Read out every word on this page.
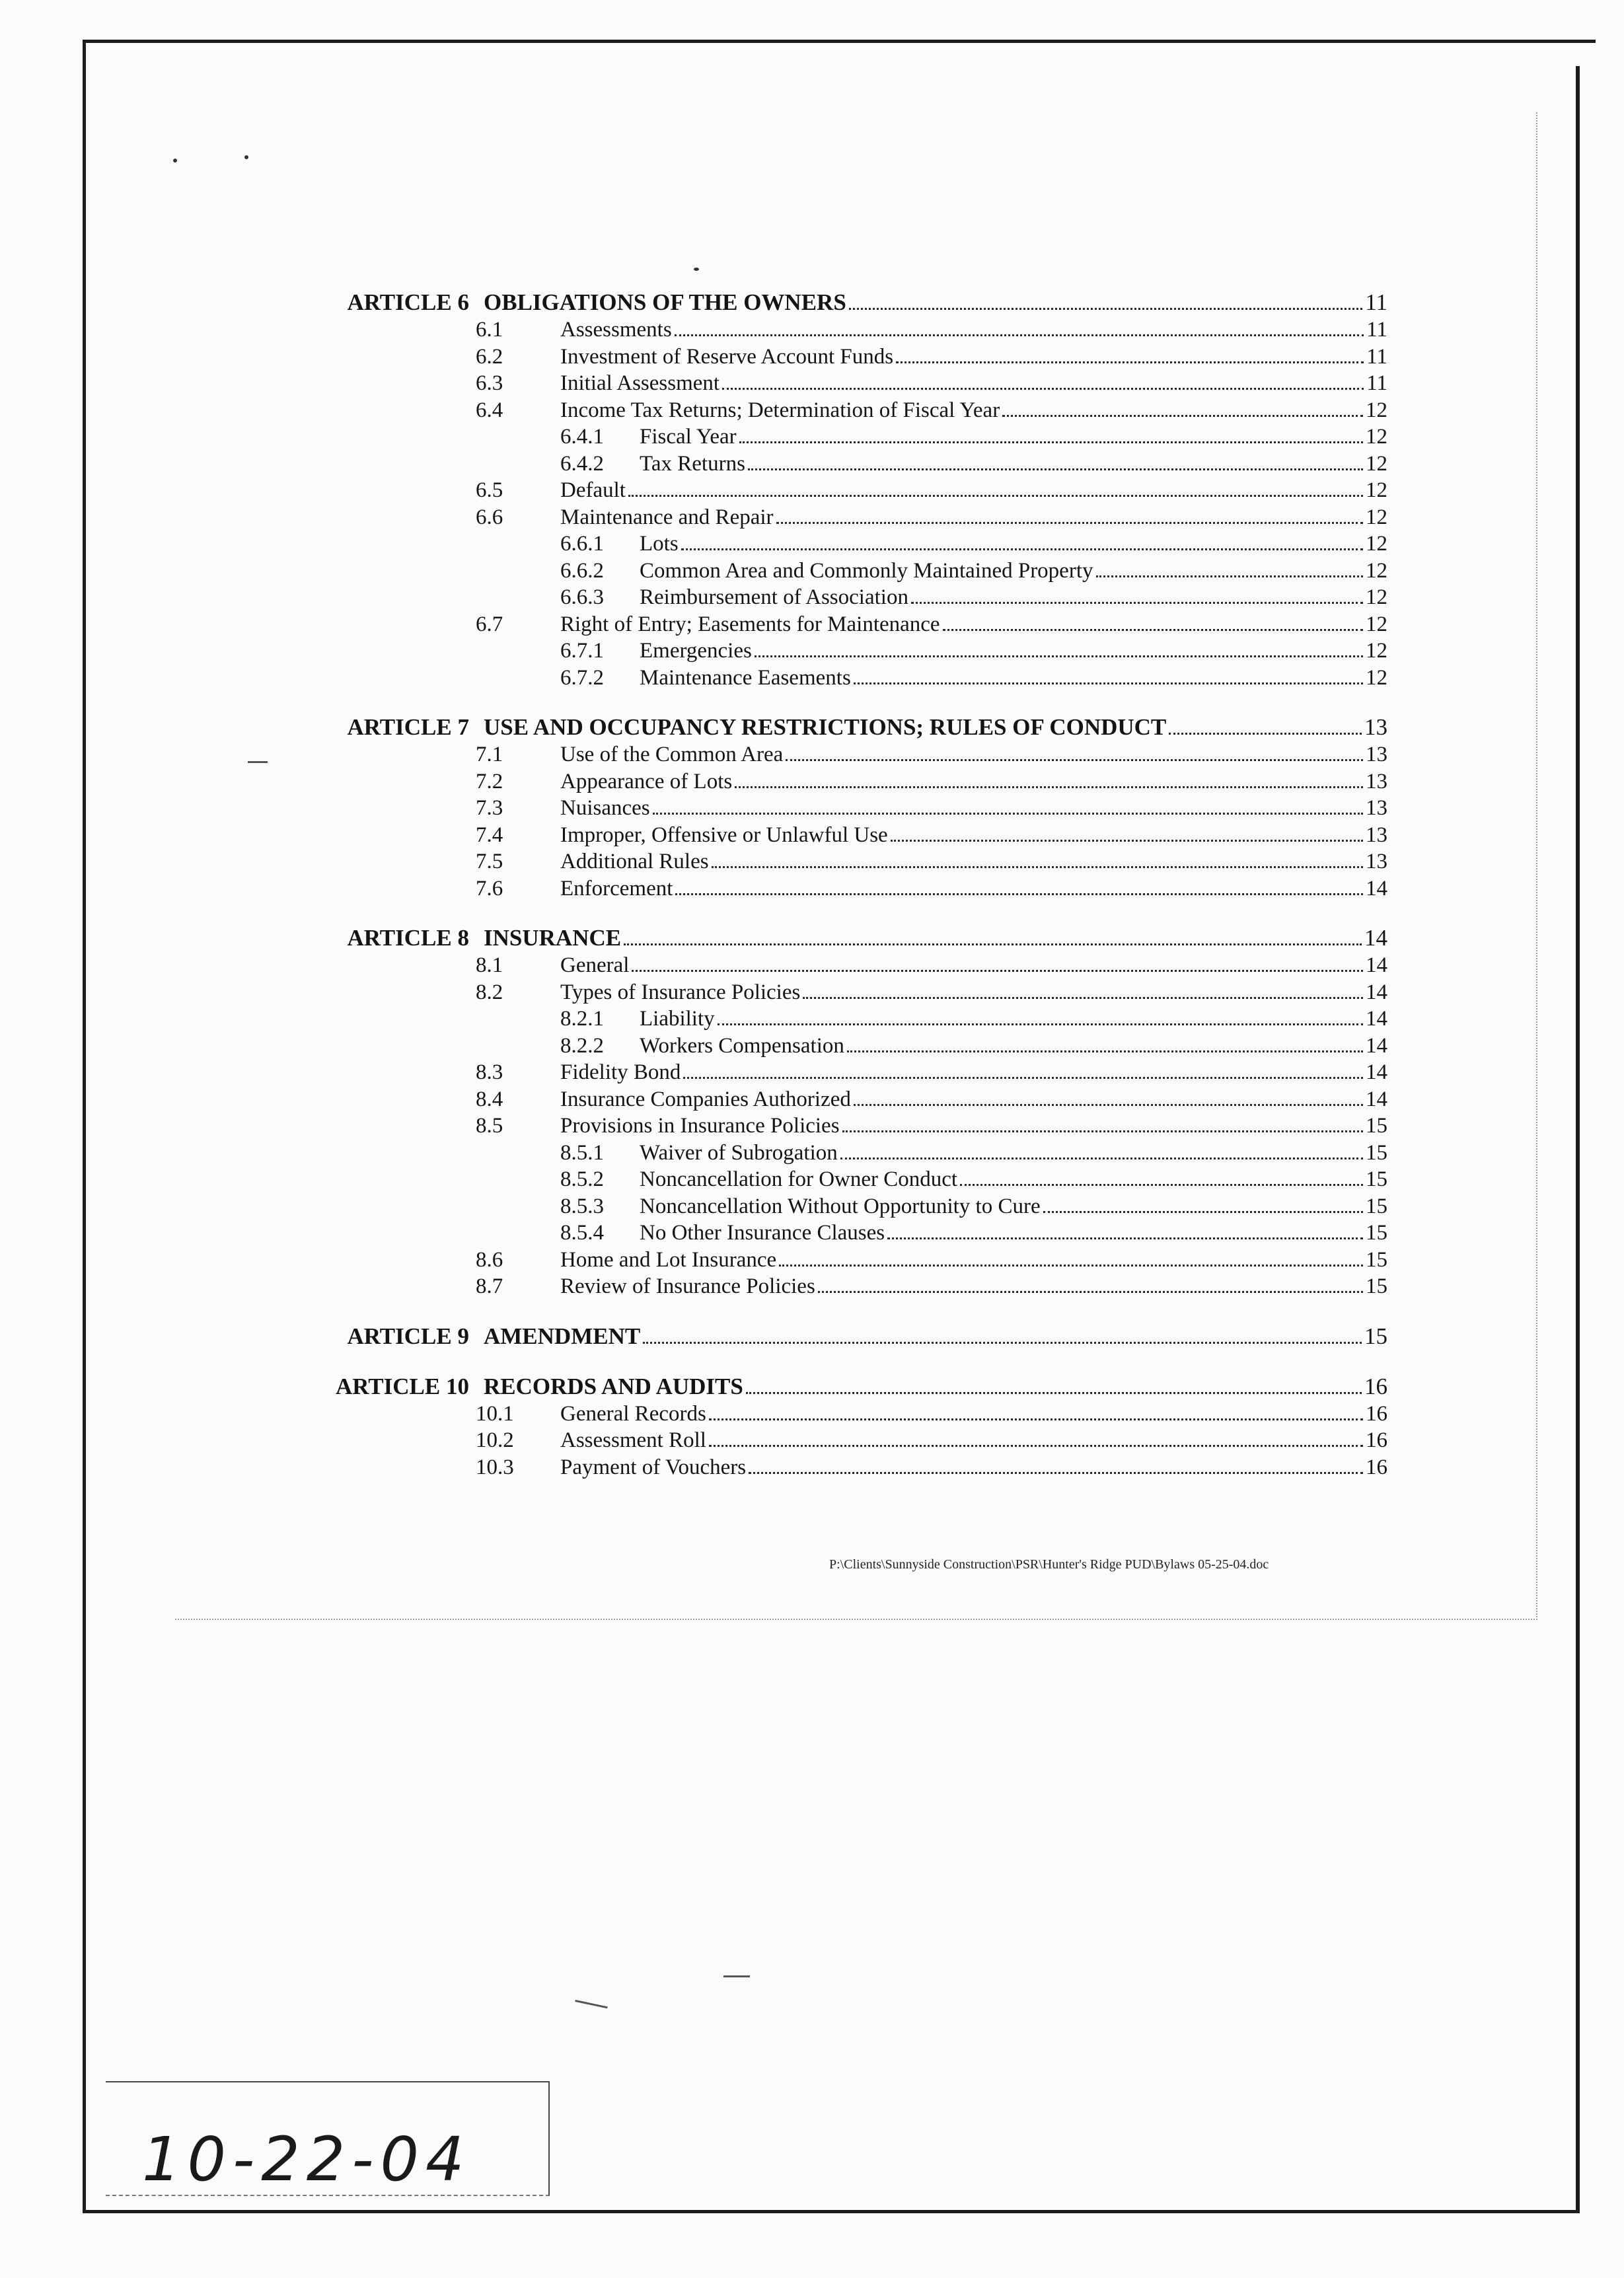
ARTICLE 6 OBLIGATIONS OF THE OWNERS	11
6.1	Assessments	11
6.2	Investment of Reserve Account Funds	11
6.3	Initial Assessment	11
6.4	Income Tax Returns; Determination of Fiscal Year	12
6.4.1	Fiscal Year	12
6.4.2	Tax Returns	12
6.5	Default	12
6.6	Maintenance and Repair	12
6.6.1	Lots	12
6.6.2	Common Area and Commonly Maintained Property	12
6.6.3	Reimbursement of Association	12
6.7	Right of Entry; Easements for Maintenance	12
6.7.1	Emergencies	12
6.7.2	Maintenance Easements	12
ARTICLE 7 USE AND OCCUPANCY RESTRICTIONS; RULES OF CONDUCT	13
7.1	Use of the Common Area	13
7.2	Appearance of Lots	13
7.3	Nuisances	13
7.4	Improper, Offensive or Unlawful Use	13
7.5	Additional Rules	13
7.6	Enforcement	14
ARTICLE 8 INSURANCE	14
8.1	General	14
8.2	Types of Insurance Policies	14
8.2.1	Liability	14
8.2.2	Workers Compensation	14
8.3	Fidelity Bond	14
8.4	Insurance Companies Authorized	14
8.5	Provisions in Insurance Policies	15
8.5.1	Waiver of Subrogation	15
8.5.2	Noncancellation for Owner Conduct	15
8.5.3	Noncancellation Without Opportunity to Cure	15
8.5.4	No Other Insurance Clauses	15
8.6	Home and Lot Insurance	15
8.7	Review of Insurance Policies	15
ARTICLE 9 AMENDMENT	15
ARTICLE 10 RECORDS AND AUDITS	16
10.1	General Records	16
10.2	Assessment Roll	16
10.3	Payment of Vouchers	16
P:\Clients\Sunnyside Construction\PSR\Hunter's Ridge PUD\Bylaws 05-25-04.doc
10-22-04
